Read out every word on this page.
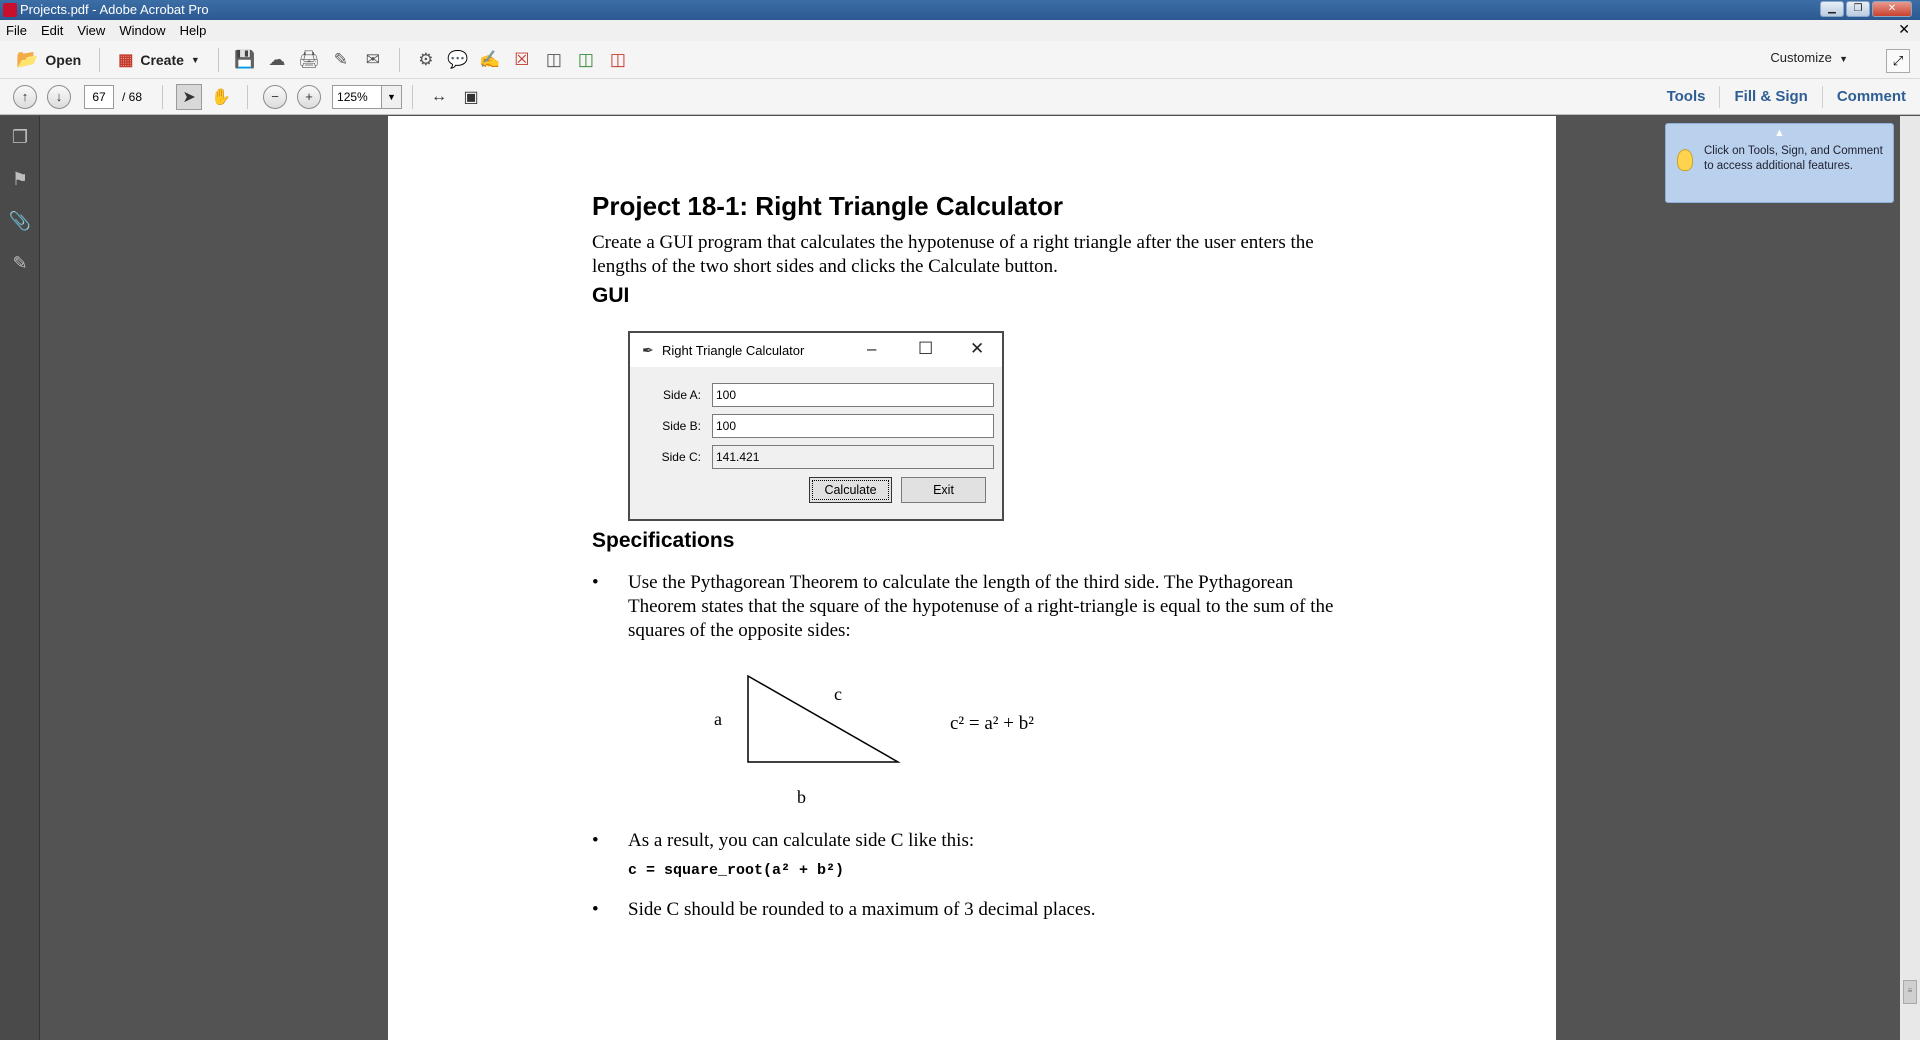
Projects.pdf - Adobe Acrobat Pro	▁	❐	✕
File Edit View Window Help	✕
📂 Open ▦ Create ▼ 💾 ☁ 🖨 ✎ ✉ ⚙ 💬 ✍ ☒ ◫ ◫ ◫	Customize ▼	⤢
↑	↓	67	/ 68	➤ ✋	−	+	125%	▼	↔	▣	Tools	Fill & Sign	Comment
❐
⚑
📎
✎
Project 18-1: Right Triangle Calculator
Create a GUI program that calculates the hypotenuse of a right triangle after the user enters the lengths of the two short sides and clicks the Calculate button.
GUI
✒ Right Triangle Calculator	– ☐ ✕
Side A:	100
Side B:	100
Side C:	141.421
Calculate	Exit
Specifications
• Use the Pythagorean Theorem to calculate the length of the third side. The Pythagorean Theorem states that the square of the hypotenuse of a right-triangle is equal to the sum of the squares of the opposite sides:
a
c
b
c² = a² + b²
• As a result, you can calculate side C like this:
c = square_root(a² + b²)
• Side C should be rounded to a maximum of 3 decimal places.
▲
Click on Tools, Sign, and Comment to access additional features.
≡
